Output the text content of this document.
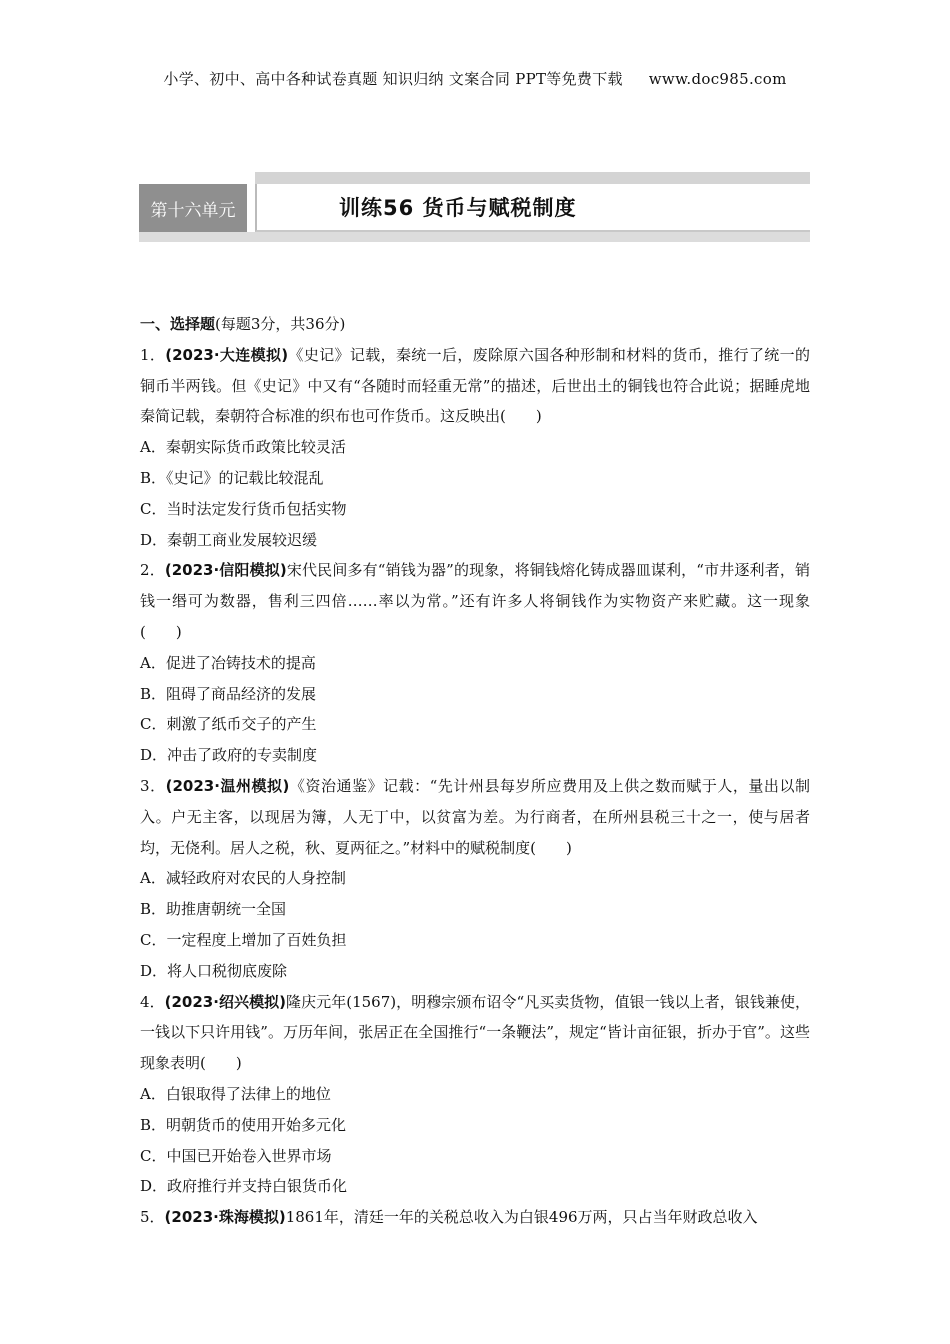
小学、初中、高中各种试卷真题 知识归纳 文案合同 PPT等免费下载 www.doc985.com
第十六单元	训练56 货币与赋税制度
一、选择题(每题3分，共36分)

1．(2023·大连模拟)《史记》记载，秦统一后，废除原六国各种形制和材料的货币，推行了统一的铜币半两钱。但《史记》中又有“各随时而轻重无常”的描述，后世出土的铜钱也符合此说；据睡虎地秦简记载，秦朝符合标准的织布也可作货币。这反映出(　　)

A．秦朝实际货币政策比较灵活
B．《史记》的记载比较混乱
C．当时法定发行货币包括实物
D．秦朝工商业发展较迟缓

2．(2023·信阳模拟)宋代民间多有“销钱为器”的现象，将铜钱熔化铸成器皿谋利，“市井逐利者，销钱一缗可为数器，售利三四倍……率以为常。”还有许多人将铜钱作为实物资产来贮藏。这一现象(　　)

A．促进了冶铸技术的提高
B．阻碍了商品经济的发展
C．刺激了纸币交子的产生
D．冲击了政府的专卖制度

3．(2023·温州模拟)《资治通鉴》记载：“先计州县每岁所应费用及上供之数而赋于人，量出以制入。户无主客，以现居为簿，人无丁中，以贫富为差。为行商者，在所州县税三十之一，使与居者均，无侥利。居人之税，秋、夏两征之。”材料中的赋税制度(　　)

A．减轻政府对农民的人身控制
B．助推唐朝统一全国
C．一定程度上增加了百姓负担
D．将人口税彻底废除

4．(2023·绍兴模拟)隆庆元年(1567)，明穆宗颁布诏令“凡买卖货物，值银一钱以上者，银钱兼使，一钱以下只许用钱”。万历年间，张居正在全国推行“一条鞭法”，规定“皆计亩征银，折办于官”。这些现象表明(　　)

A．白银取得了法律上的地位
B．明朝货币的使用开始多元化
C．中国已开始卷入世界市场
D．政府推行并支持白银货币化

5．(2023·珠海模拟)1861年，清廷一年的关税总收入为白银496万两，只占当年财政总收入
